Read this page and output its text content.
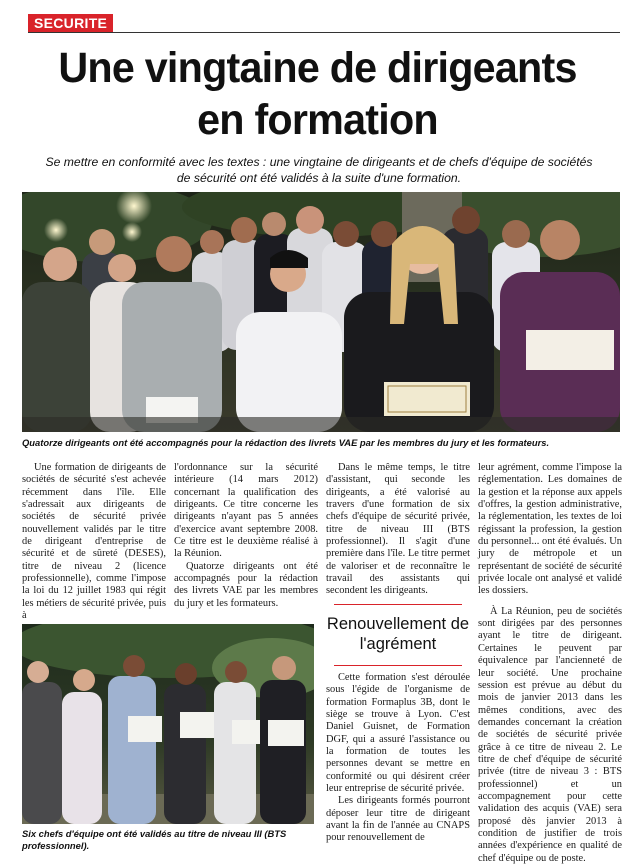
SECURITE
Une vingtaine de dirigeants
en formation
Se mettre en conformité avec les textes : une vingtaine de dirigeants et de chefs d'équipe de sociétés
de sécurité ont été validés à la suite d'une formation.
Quatorze dirigeants ont été accompagnés pour la rédaction des livrets VAE par les membres du jury et les formateurs.

Une formation de dirigeants de sociétés de sécurité s'est achevée récemment dans l'île. Elle s'adressait aux dirigeants de sociétés de sécurité privée nouvellement validés par le titre de dirigeant d'entreprise de sécurité et de sûreté (DESES), titre de niveau 2 (licence professionnelle), comme l'impose la loi du 12 juillet 1983 qui régit les métiers de sécurité privée, puis à

l'ordonnance sur la sécurité intérieure (14 mars 2012) concernant la qualification des dirigeants. Ce titre concerne les dirigeants n'ayant pas 5 années d'exercice avant septembre 2008. Ce titre est le deuxième réalisé à la Réunion.

Quatorze dirigeants ont été accompagnés pour la rédaction des livrets VAE par les membres du jury et les formateurs.

Dans le même temps, le titre d'assistant, qui seconde les dirigeants, a été valorisé au travers d'une formation de six chefs d'équipe de sécurité privée, titre de niveau III (BTS professionnel). Il s'agit d'une première dans l'île. Le titre permet de valoriser et de reconnaître le travail des assistants qui secondent les dirigeants.

Renouvellement de l'agrément

Cette formation s'est déroulée sous l'égide de l'organisme de formation Formaplus 3B, dont le siège se trouve à Lyon. C'est Daniel Guisnet, de Formation DGF, qui a assuré l'assistance ou la formation de toutes les personnes devant se mettre en conformité ou qui désirent créer leur entreprise de sécurité privée.

Les dirigeants formés pourront déposer leur titre de dirigeant avant la fin de l'année au CNAPS pour renouvellement de

leur agrément, comme l'impose la réglementation. Les domaines de la gestion et la réponse aux appels d'offres, la gestion administrative, la réglementation, les textes de loi régissant la profession, la gestion du personnel... ont été évalués. Un jury de métropole et un représentant de société de sécurité privée locale ont analysé et validé les dossiers.

À La Réunion, peu de sociétés sont dirigées par des personnes ayant le titre de dirigeant. Certaines le peuvent par équivalence par l'ancienneté de leur société. Une prochaine session est prévue au début du mois de janvier 2013 dans les mêmes conditions, avec des demandes concernant la création de sociétés de sécurité privée grâce à ce titre de niveau 2. Le titre de chef d'équipe de sécurité privée (titre de niveau 3 : BTS professionnel) et un accompagnement pour cette validation des acquis (VAE) sera proposé dès janvier 2013 à condition de justifier de trois années d'expérience en qualité de chef d'équipe ou de poste.

Six chefs d'équipe ont été validés au titre de niveau III (BTS professionnel).
